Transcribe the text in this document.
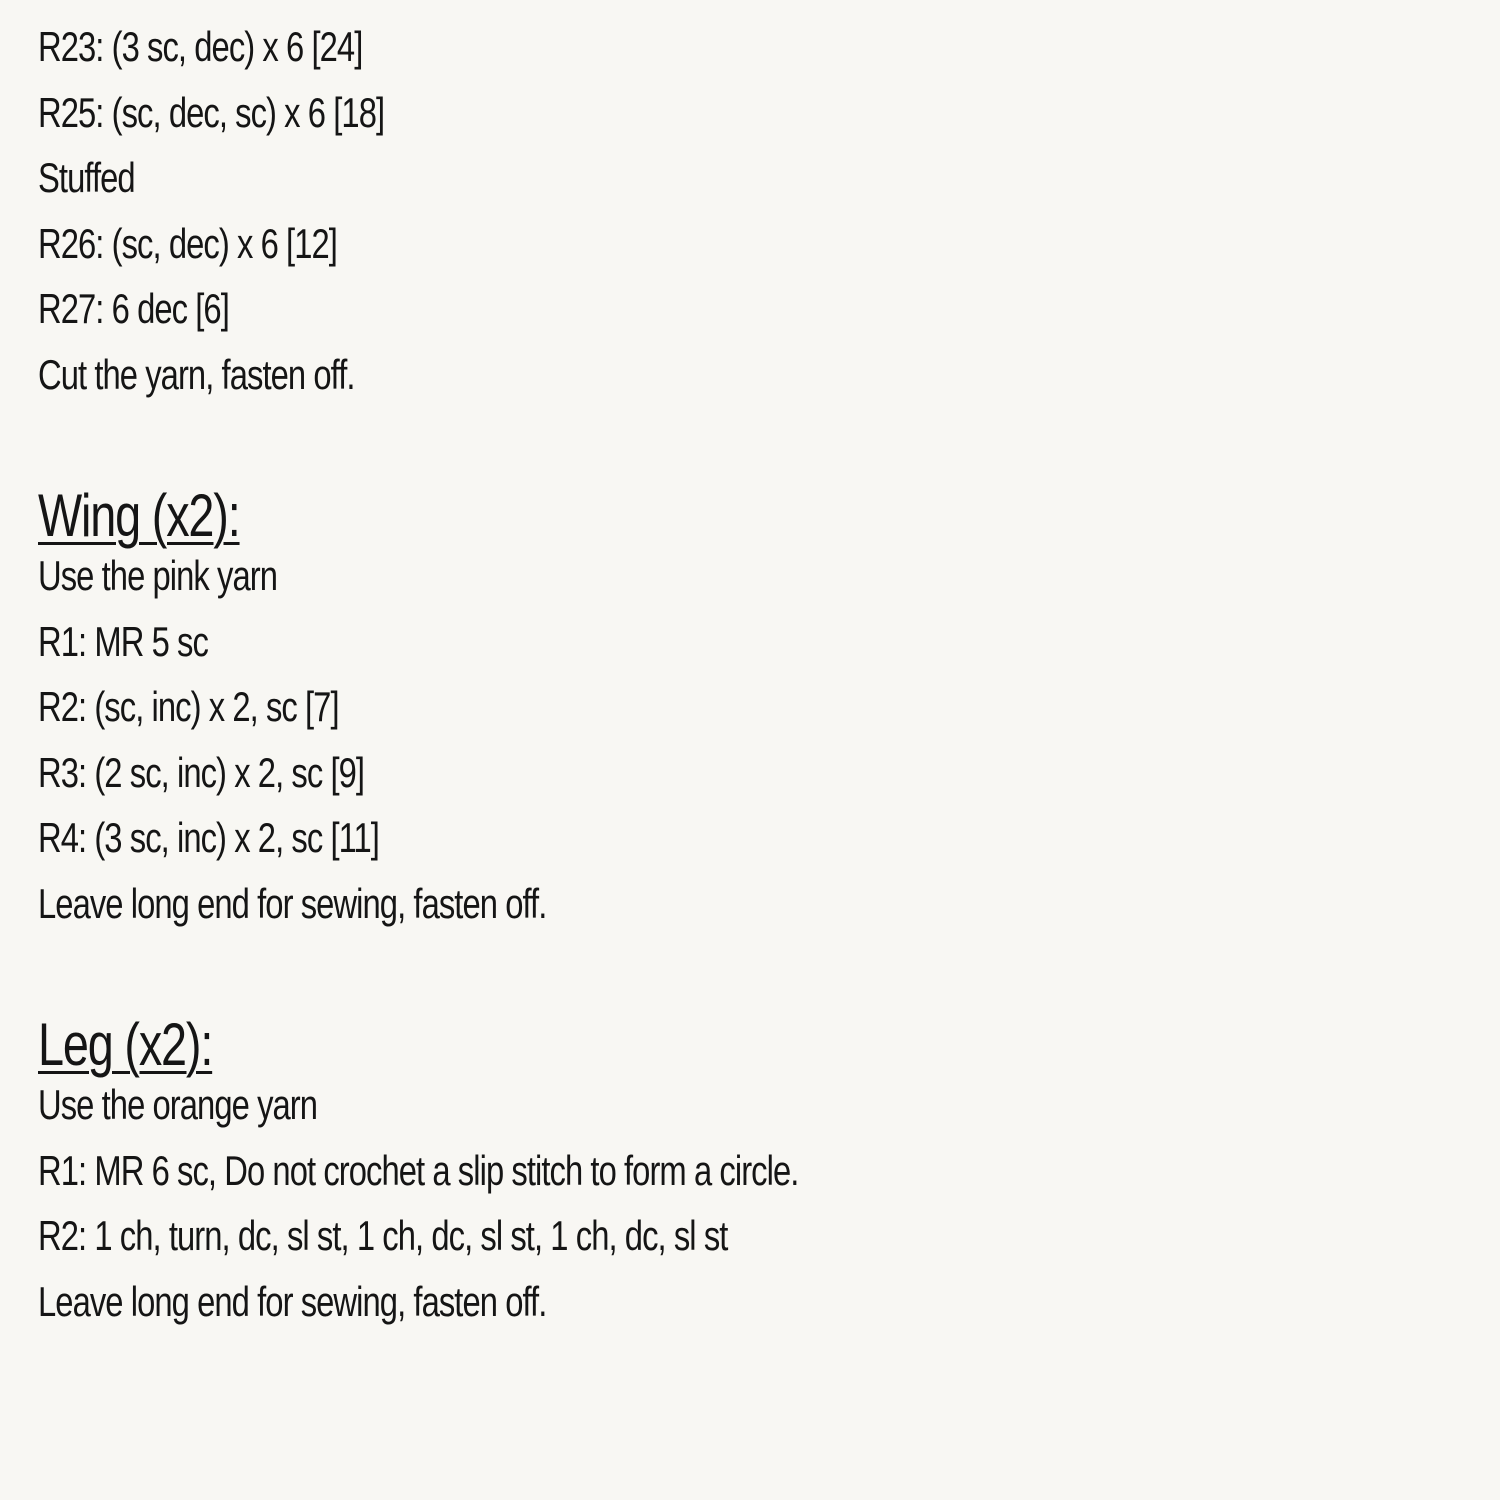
R23: (3 sc, dec) x 6 [24]
R25: (sc, dec, sc) x 6 [18]
Stuffed
R26: (sc, dec) x 6 [12]
R27: 6 dec [6]
Cut the yarn, fasten off.
Wing (x2):
Use the pink yarn
R1: MR 5 sc
R2: (sc, inc) x 2, sc [7]
R3: (2 sc, inc) x 2, sc [9]
R4: (3 sc, inc) x 2, sc [11]
Leave long end for sewing, fasten off.
Leg (x2):
Use the orange yarn
R1: MR 6 sc, Do not crochet a slip stitch to form a circle.
R2: 1 ch, turn, dc, sl st, 1 ch, dc, sl st, 1 ch, dc, sl st
Leave long end for sewing, fasten off.
